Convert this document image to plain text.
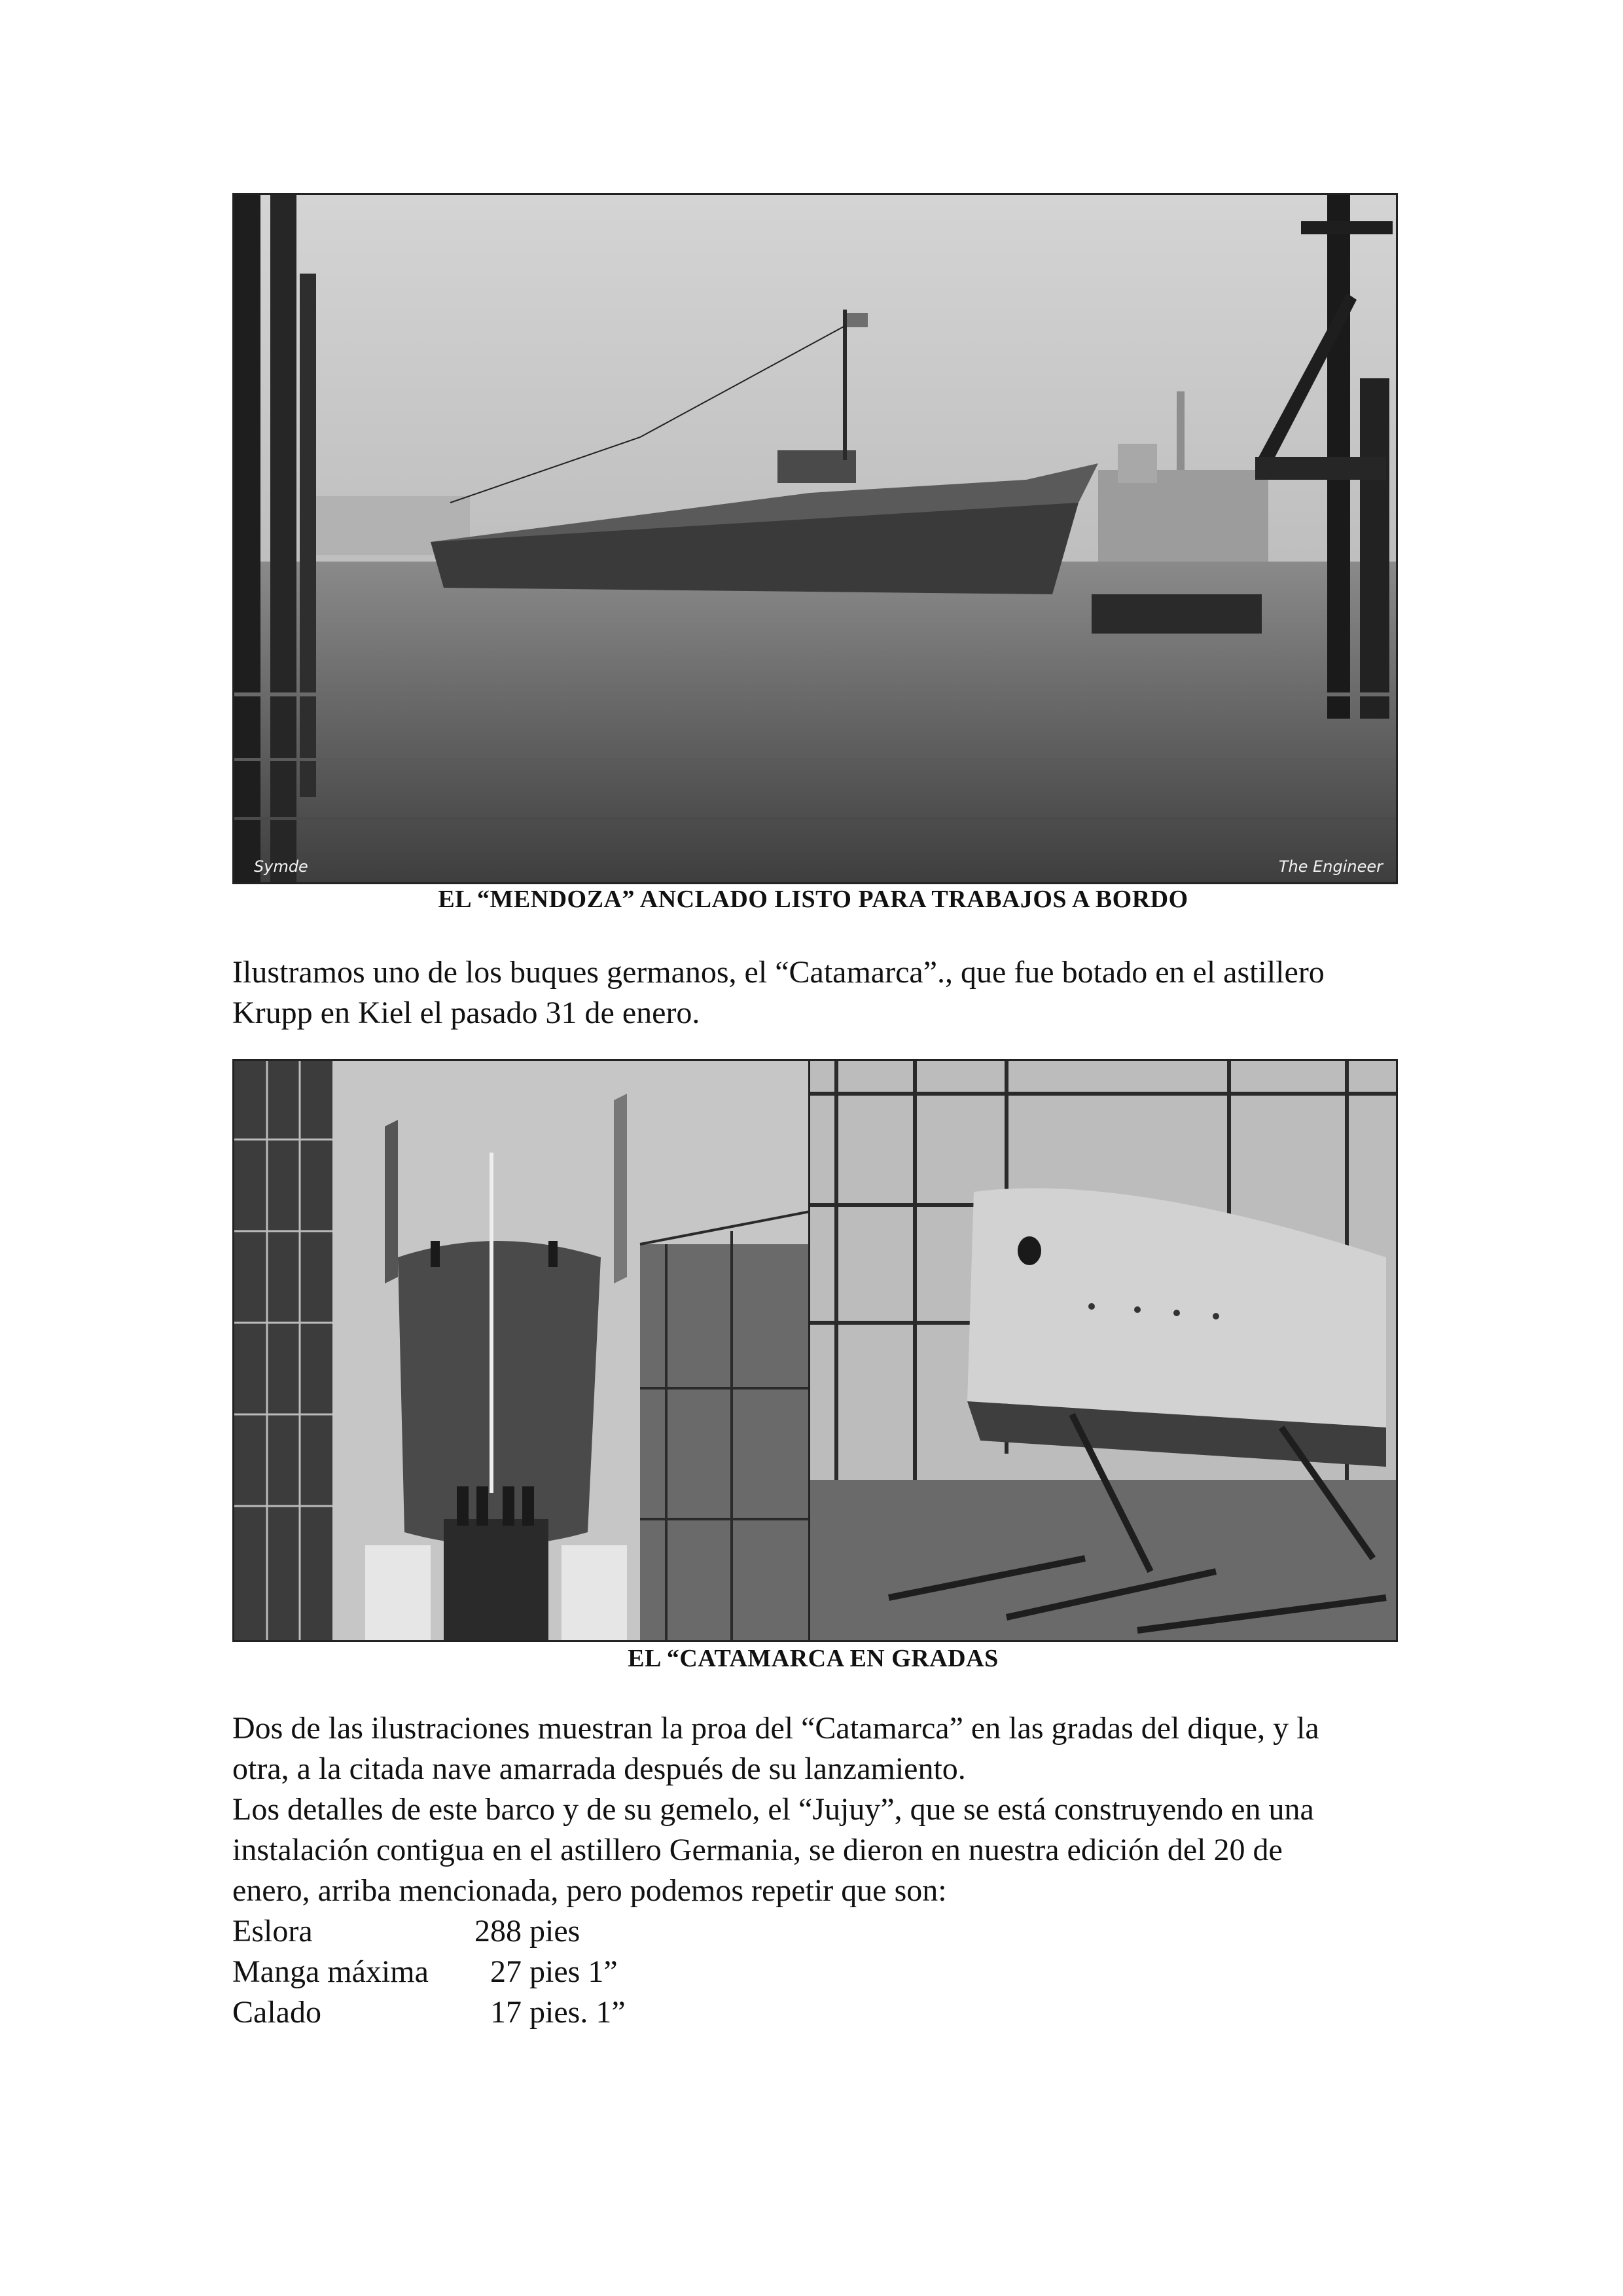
Symde	The Engineer
EL “MENDOZA” ANCLADO LISTO PARA TRABAJOS A BORDO
Ilustramos uno de los buques germanos, el “Catamarca”., que fue botado en el astillero
Krupp en Kiel el pasado 31 de enero.
EL “CATAMARCA EN GRADAS
Dos de las ilustraciones muestran la proa del “Catamarca” en las gradas del dique, y la
otra, a la citada nave amarrada después de su lanzamiento.
Los detalles de este barco y de su gemelo, el “Jujuy”, que se está construyendo en una
instalación contigua en el astillero Germania, se dieron en nuestra edición del 20 de
enero, arriba mencionada, pero podemos repetir que son:
Eslora	288 pies
Manga máxima  27 pies 1”
Calado	17 pies. 1”
